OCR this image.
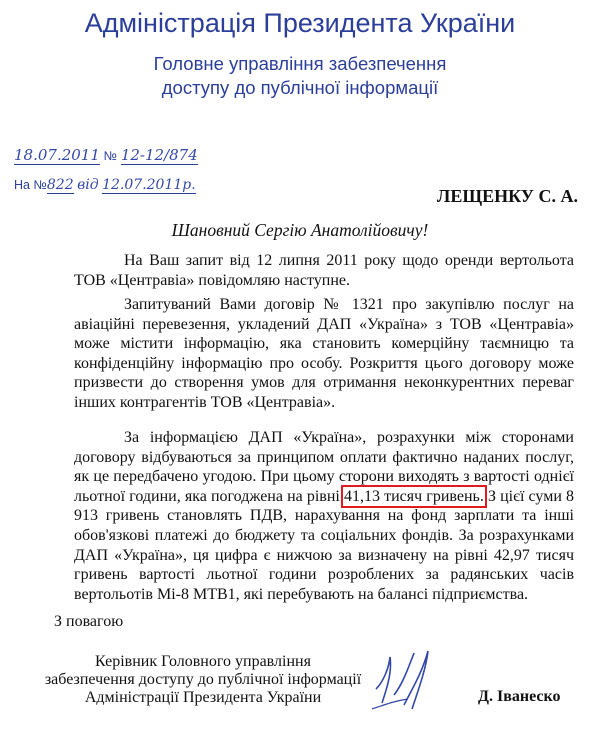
Адміністрація Президента України
Головне управління забезпечення
доступу до публічної інформації
18.07.2011 № 12-12/874
На №822 від 12.07.2011р.
ЛЕЩЕНКУ С. А.
Шановний Сергію Анатолійовичу!
На Ваш запит від 12 липня 2011 року щодо оренди вертольота ТОВ «Центравіа» повідомляю наступне.
Запитуваний Вами договір № 1321 про закупівлю послуг на авіаційні перевезення, укладений ДАП «Україна» з ТОВ «Центравіа» може містити інформацію, яка становить комерційну таємницю та конфіденційну інформацію про особу. Розкриття цього договору може призвести до створення умов для отримання неконкурентних переваг інших контрагентів ТОВ «Центравіа».
За інформацією ДАП «Україна», розрахунки між сторонами договору відбуваються за принципом оплати фактично наданих послуг, як це передбачено угодою. При цьому сторони виходять з вартості однієї льотної години, яка погоджена на рівні 41,13 тисяч гривень. З цієї суми 8 913 гривень становлять ПДВ, нарахування на фонд зарплати та інші обов'язкові платежі до бюджету та соціальних фондів. За розрахунками ДАП «Україна», ця цифра є нижчою за визначену на рівні 42,97 тисяч гривень вартості льотної години розроблених за радянських часів вертольотів Мі-8 МТВ1, які перебувають на балансі підприємства.
З повагою
Керівник Головного управління
забезпечення доступу до публічної інформації
Адміністрації Президента України	Д. Іванеско
